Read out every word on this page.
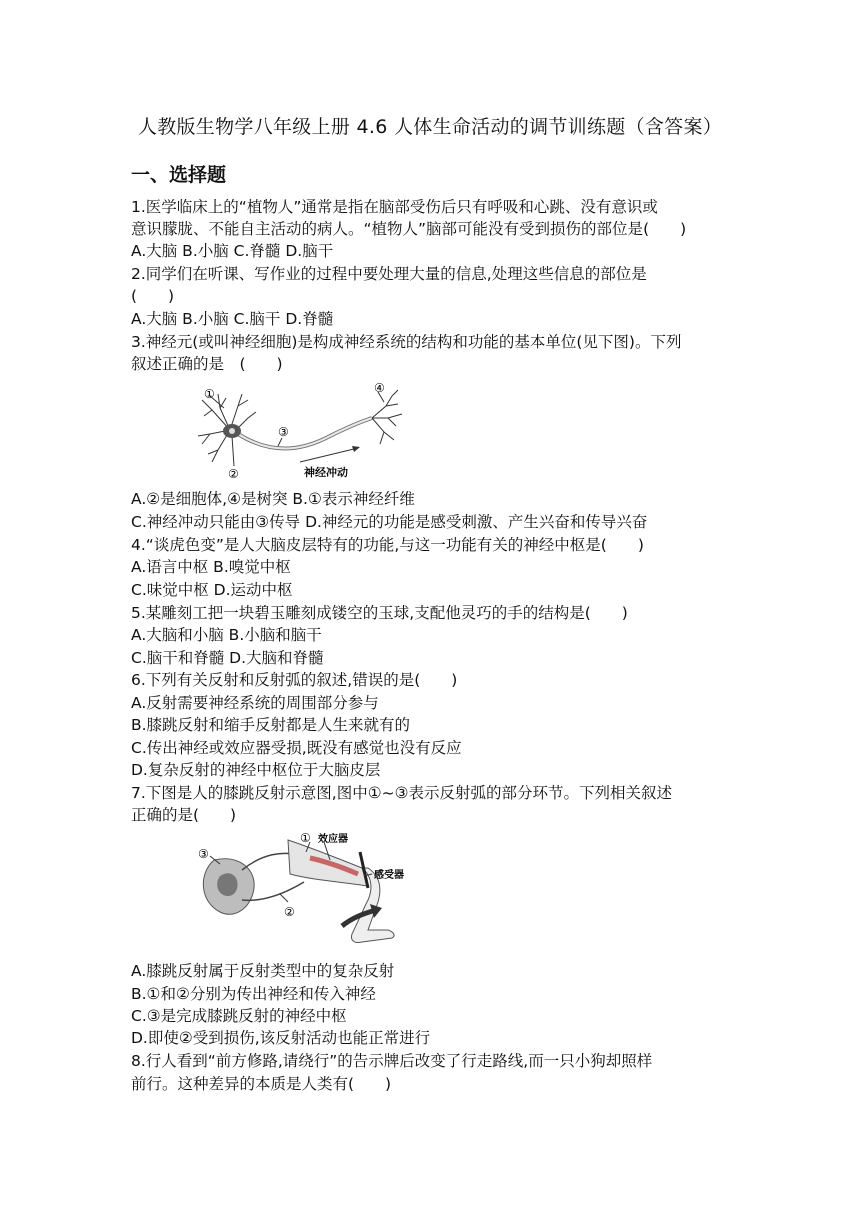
人教版生物学八年级上册 4.6 人体生命活动的调节训练题（含答案）
一、选择题
1.医学临床上的“植物人”通常是指在脑部受伤后只有呼吸和心跳、没有意识或
意识朦胧、不能自主活动的病人。“植物人”脑部可能没有受到损伤的部位是(　　)
A.大脑 B.小脑 C.脊髓 D.脑干
2.同学们在听课、写作业的过程中要处理大量的信息,处理这些信息的部位是
(　　)
A.大脑 B.小脑 C.脑干 D.脊髓
3.神经元(或叫神经细胞)是构成神经系统的结构和功能的基本单位(见下图)。下列
叙述正确的是　(　　)
①
②
③
④
神经冲动
A.②是细胞体,④是树突 B.①表示神经纤维
C.神经冲动只能由③传导 D.神经元的功能是感受刺激、产生兴奋和传导兴奋
4.“谈虎色变”是人大脑皮层特有的功能,与这一功能有关的神经中枢是(　　)
A.语言中枢 B.嗅觉中枢
C.味觉中枢 D.运动中枢
5.某雕刻工把一块碧玉雕刻成镂空的玉球,支配他灵巧的手的结构是(　　)
A.大脑和小脑 B.小脑和脑干
C.脑干和脊髓 D.大脑和脊髓
6.下列有关反射和反射弧的叙述,错误的是(　　)
A.反射需要神经系统的周围部分参与
B.膝跳反射和缩手反射都是人生来就有的
C.传出神经或效应器受损,既没有感觉也没有反应
D.复杂反射的神经中枢位于大脑皮层
7.下图是人的膝跳反射示意图,图中①~③表示反射弧的部分环节。下列相关叙述
正确的是(　　)
③
②
① 效应器
感受器
A.膝跳反射属于反射类型中的复杂反射
B.①和②分别为传出神经和传入神经
C.③是完成膝跳反射的神经中枢
D.即使②受到损伤,该反射活动也能正常进行
8.行人看到“前方修路,请绕行”的告示牌后改变了行走路线,而一只小狗却照样
前行。这种差异的本质是人类有(　　)
